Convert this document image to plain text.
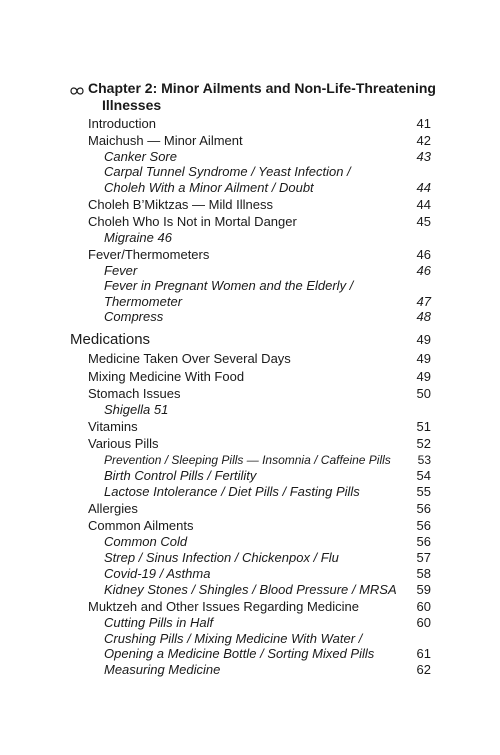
Chapter 2: Minor Ailments and Non-Life-Threatening
Illnesses
Introduction	41
Maichush — Minor Ailment	42
Canker Sore	43
Carpal Tunnel Syndrome / Yeast Infection /
Choleh With a Minor Ailment / Doubt	44
Choleh B’Miktzas — Mild Illness	44
Choleh Who Is Not in Mortal Danger	45
Migraine 46
Fever/Thermometers	46
Fever	46
Fever in Pregnant Women and the Elderly /
Thermometer	47
Compress	48
Medications	49
Medicine Taken Over Several Days	49
Mixing Medicine With Food	49
Stomach Issues	50
Shigella 51
Vitamins	51
Various Pills	52
Prevention / Sleeping Pills — Insomnia / Caffeine Pills 53
Birth Control Pills / Fertility	54
Lactose Intolerance / Diet Pills / Fasting Pills	55
Allergies	56
Common Ailments	56
Common Cold	56
Strep / Sinus Infection / Chickenpox / Flu	57
Covid-19 / Asthma	58
Kidney Stones / Shingles / Blood Pressure / MRSA 59
Muktzeh and Other Issues Regarding Medicine	60
Cutting Pills in Half	60
Crushing Pills / Mixing Medicine With Water /
Opening a Medicine Bottle / Sorting Mixed Pills	61
Measuring Medicine	62
